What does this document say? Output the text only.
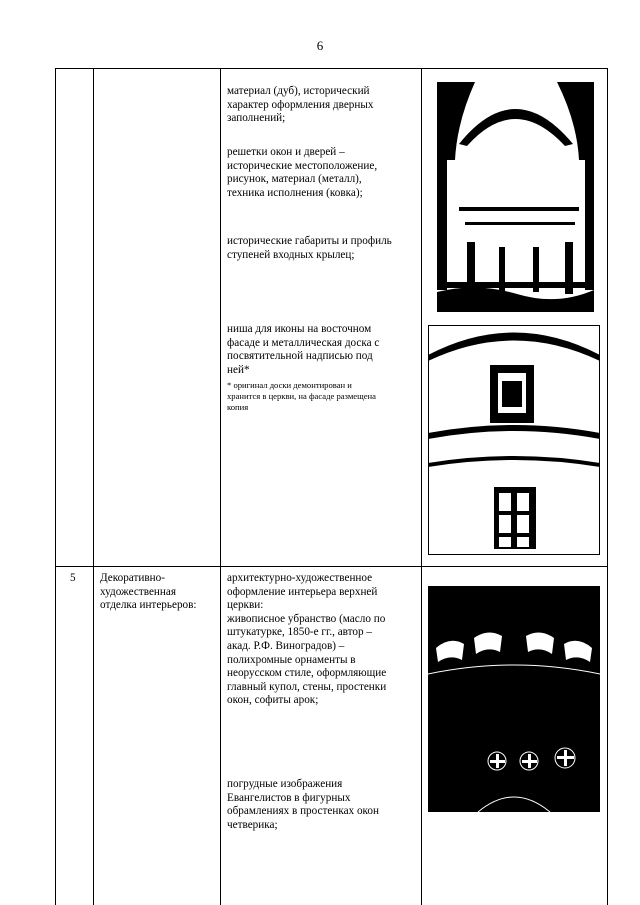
6
материал (дуб), исторический
характер оформления дверных
заполнений;
решетки окон и дверей –
исторические местоположение,
рисунок, материал (металл),
техника исполнения (ковка);
исторические габариты и профиль
ступеней входных крылец;
ниша для иконы на восточном
фасаде и металлическая доска с
посвятительной надписью под
ней*
* оригинал доски демонтирован и
хранится в церкви, на фасаде размещена
копия
5 Декоративно-
художественная
отделка интерьеров:
архитектурно-художественное
оформление интерьера верхней
церкви:
живописное убранство (масло по
штукатурке, 1850-е гг., автор –
акад. Р.Ф. Виноградов) –
полихромные орнаменты в
неорусском стиле, оформляющие
главный купол, стены, простенки
окон, софиты арок;
погрудные изображения
Евангелистов в фигурных
обрамлениях в простенках окон
четверика;
